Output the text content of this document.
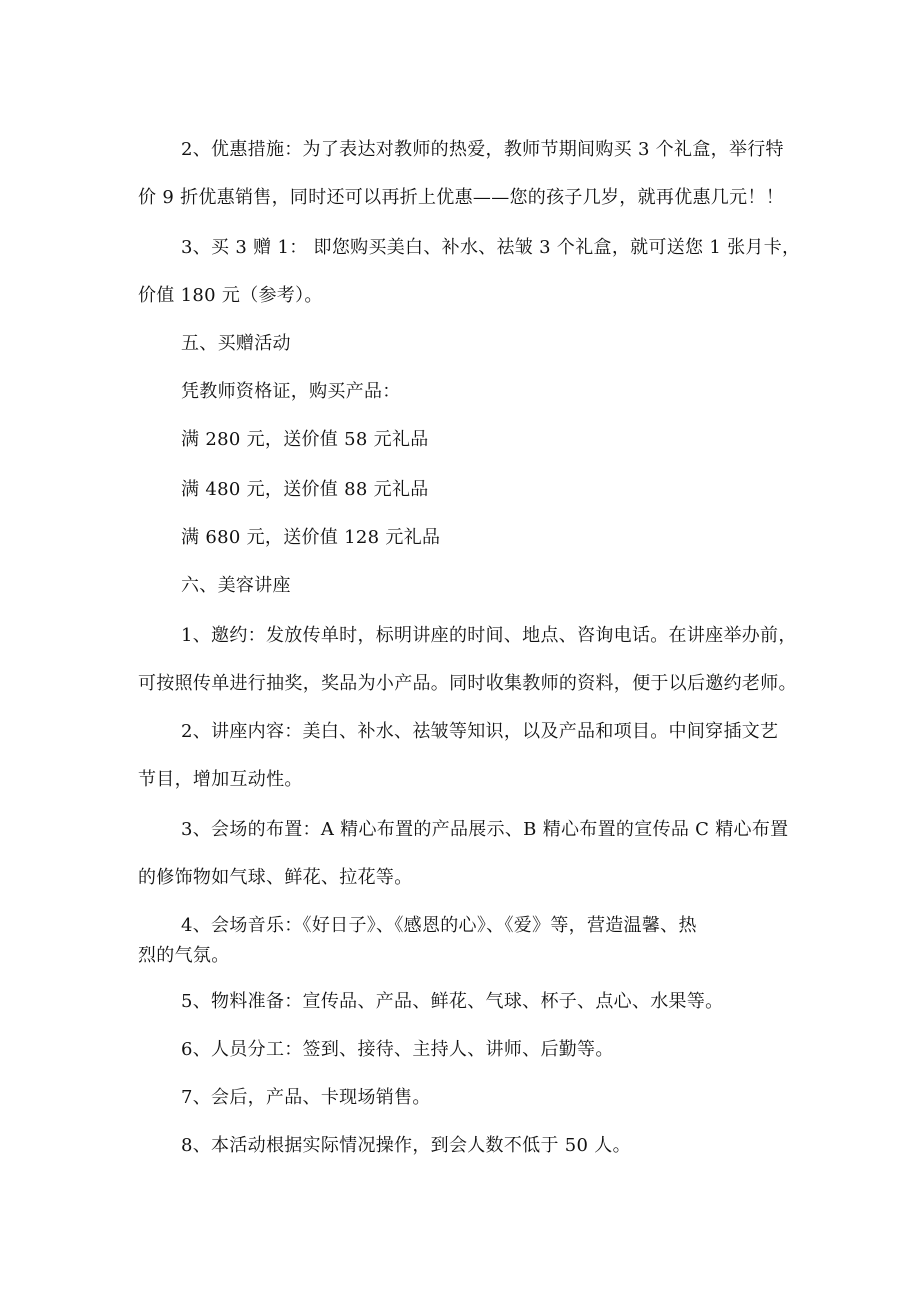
2、优惠措施：为了表达对教师的热爱，教师节期间购买 3 个礼盒，举行特
价 9 折优惠销售，同时还可以再折上优惠——您的孩子几岁，就再优惠几元！！
3、买 3 赠 1： 即您购买美白、补水、祛皱 3 个礼盒，就可送您 1 张月卡，
价值 180 元（参考）。
五、买赠活动
凭教师资格证，购买产品：
满 280 元，送价值 58 元礼品
满 480 元，送价值 88 元礼品
满 680 元，送价值 128 元礼品
六、美容讲座
1、邀约：发放传单时，标明讲座的时间、地点、咨询电话。在讲座举办前，
可按照传单进行抽奖，奖品为小产品。同时收集教师的资料，便于以后邀约老师。
2、讲座内容：美白、补水、祛皱等知识，以及产品和项目。中间穿插文艺
节目，增加互动性。
3、会场的布置：A 精心布置的产品展示、B 精心布置的宣传品 C 精心布置
的修饰物如气球、鲜花、拉花等。
4、会场音乐：《好日子》、《感恩的心》、《爱》等，营造温馨、热
烈的气氛。
5、物料准备：宣传品、产品、鲜花、气球、杯子、点心、水果等。
6、人员分工：签到、接待、主持人、讲师、后勤等。
7、会后，产品、卡现场销售。
8、本活动根据实际情况操作，到会人数不低于 50 人。
